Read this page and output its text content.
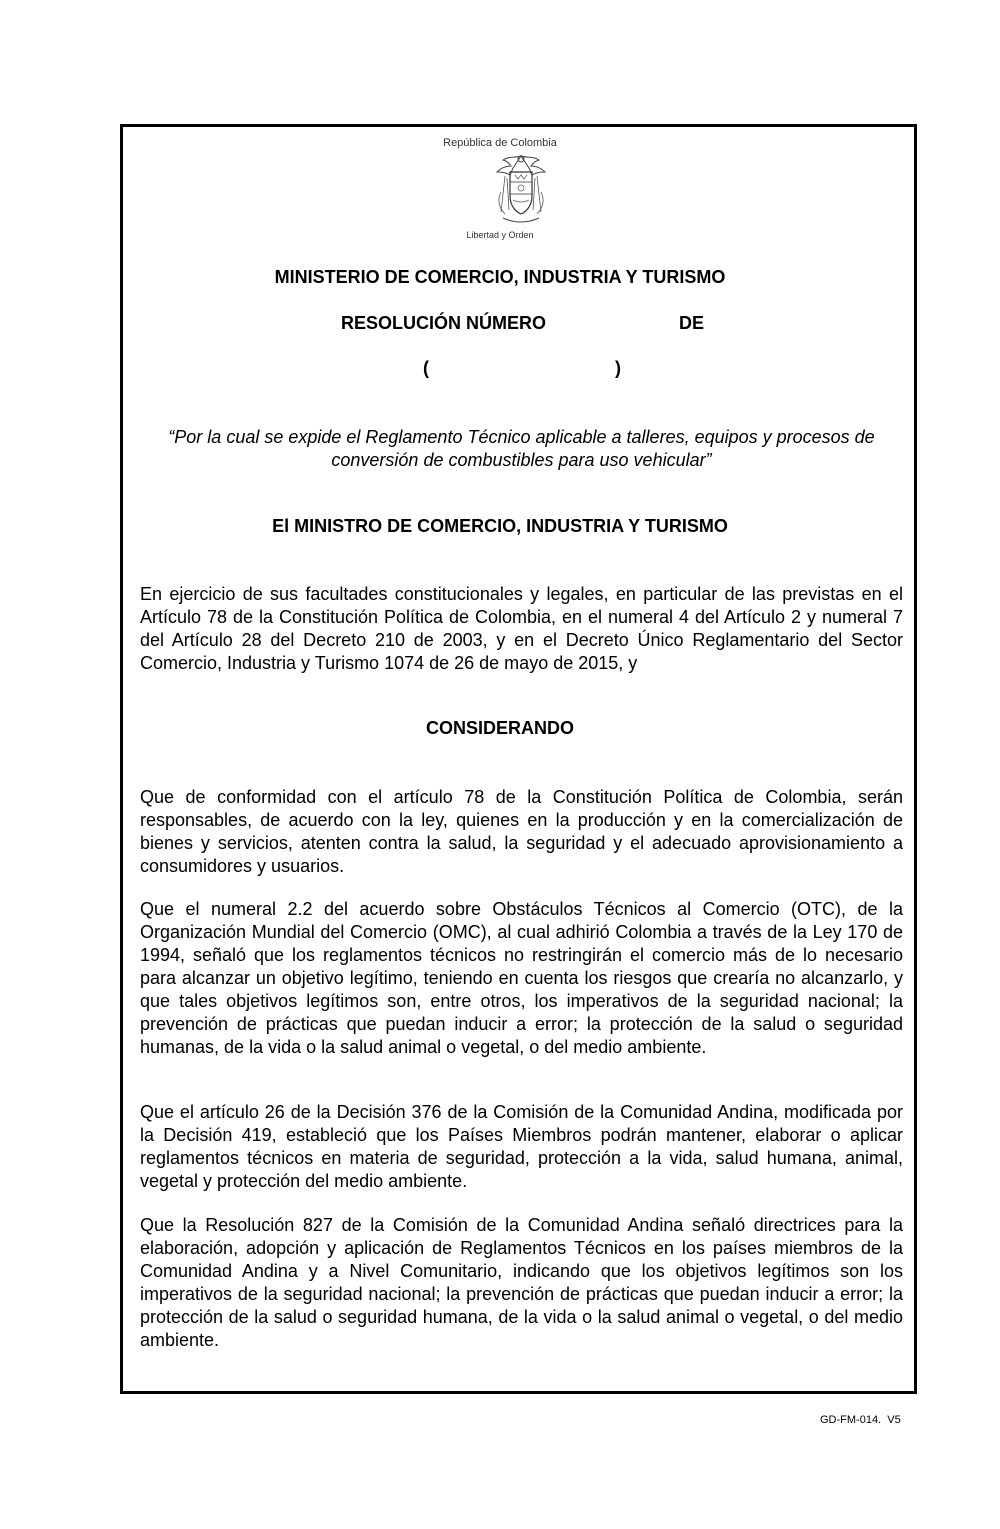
República de Colombia
Libertad y Orden
MINISTERIO DE COMERCIO, INDUSTRIA Y TURISMO
RESOLUCIÓN NÚMERO	DE
(	)
“Por la cual se expide el Reglamento Técnico aplicable a talleres, equipos y procesos de conversión de combustibles para uso vehicular”
El MINISTRO DE COMERCIO, INDUSTRIA Y TURISMO
En ejercicio de sus facultades constitucionales y legales, en particular de las previstas en el Artículo 78 de la Constitución Política de Colombia, en el numeral 4 del Artículo 2 y numeral 7 del Artículo 28 del Decreto 210 de 2003, y en el Decreto Único Reglamentario del Sector Comercio, Industria y Turismo 1074 de 26 de mayo de 2015, y
CONSIDERANDO
Que de conformidad con el artículo 78 de la Constitución Política de Colombia, serán responsables, de acuerdo con la ley, quienes en la producción y en la comercialización de bienes y servicios, atenten contra la salud, la seguridad y el adecuado aprovisionamiento a consumidores y usuarios.
Que el numeral 2.2 del acuerdo sobre Obstáculos Técnicos al Comercio (OTC), de la Organización Mundial del Comercio (OMC), al cual adhirió Colombia a través de la Ley 170 de 1994, señaló que los reglamentos técnicos no restringirán el comercio más de lo necesario para alcanzar un objetivo legítimo, teniendo en cuenta los riesgos que crearía no alcanzarlo, y que tales objetivos legítimos son, entre otros, los imperativos de la seguridad nacional; la prevención de prácticas que puedan inducir a error; la protección de la salud o seguridad humanas, de la vida o la salud animal o vegetal, o del medio ambiente.
Que el artículo 26 de la Decisión 376 de la Comisión de la Comunidad Andina, modificada por la Decisión 419, estableció que los Países Miembros podrán mantener, elaborar o aplicar reglamentos técnicos en materia de seguridad, protección a la vida, salud humana, animal, vegetal y protección del medio ambiente.
Que la Resolución 827 de la Comisión de la Comunidad Andina señaló directrices para la elaboración, adopción y aplicación de Reglamentos Técnicos en los países miembros de la Comunidad Andina y a Nivel Comunitario, indicando que los objetivos legítimos son los imperativos de la seguridad nacional; la prevención de prácticas que puedan inducir a error; la protección de la salud o seguridad humana, de la vida o la salud animal o vegetal, o del medio ambiente.
GD-FM-014.  V5
